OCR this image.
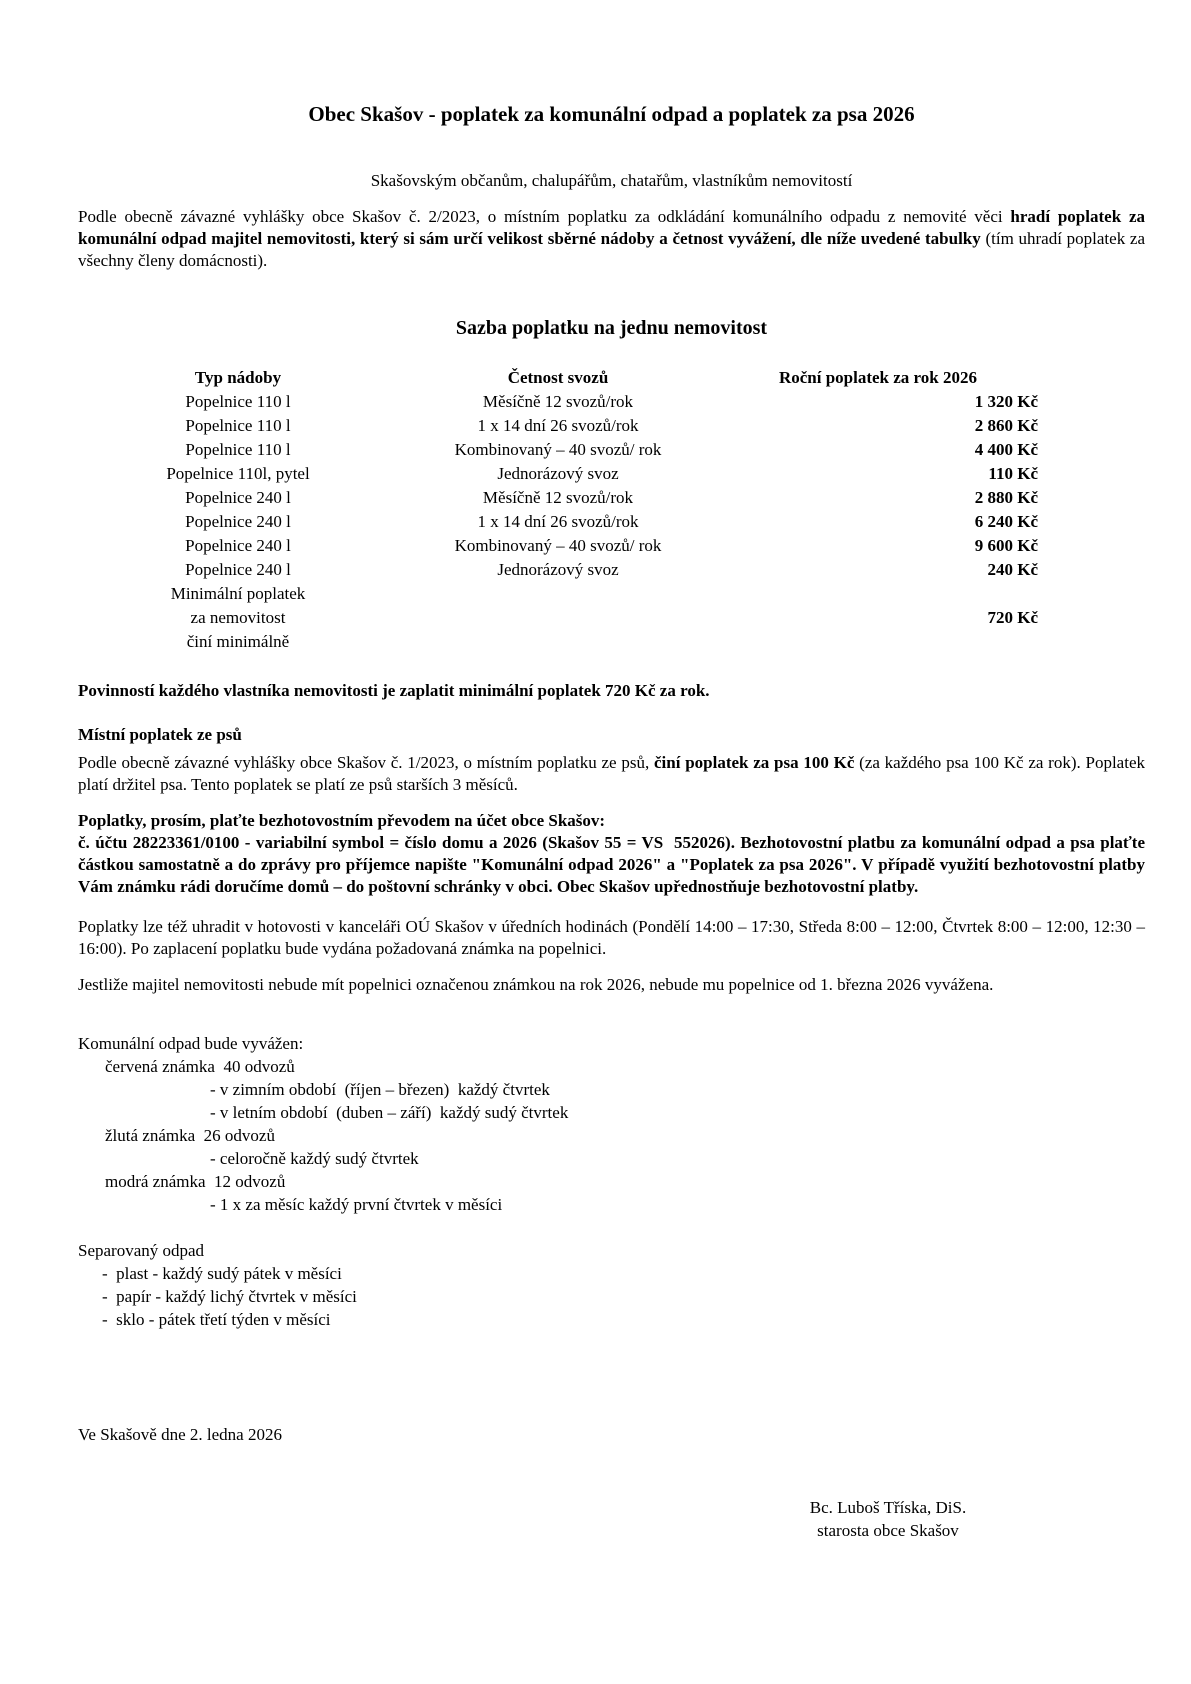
Obec Skašov - poplatek za komunální odpad a poplatek za psa 2026
Skašovským občanům, chalupářům, chatařům, vlastníkům nemovitostí

Podle obecně závazné vyhlášky obce Skašov č. 2/2023, o místním poplatku za odkládání komunálního odpadu z nemovité věci hradí poplatek za komunální odpad majitel nemovitosti, který si sám určí velikost sběrné nádoby a četnost vyvážení, dle níže uvedené tabulky (tím uhradí poplatek za všechny členy domácnosti).

Sazba poplatku na jednu nemovitost
Typ nádoby	Četnost svozů	Roční poplatek za rok 2026
Popelnice 110 l	Měsíčně 12 svozů/rok	1 320 Kč
Popelnice 110 l	1 x 14 dní 26 svozů/rok	2 860 Kč
Popelnice 110 l	Kombinovaný – 40 svozů/ rok	4 400 Kč
Popelnice 110l, pytel	Jednorázový svoz	110 Kč
Popelnice 240 l	Měsíčně 12 svozů/rok	2 880 Kč
Popelnice 240 l	1 x 14 dní 26 svozů/rok	6 240 Kč
Popelnice 240 l	Kombinovaný – 40 svozů/ rok	9 600 Kč
Popelnice 240 l	Jednorázový svoz	240 Kč
Minimální poplatek		
za nemovitost		720 Kč
činí minimálně		

Povinností každého vlastníka nemovitosti je zaplatit minimální poplatek 720 Kč za rok.

Místní poplatek ze psů

Podle obecně závazné vyhlášky obce Skašov č. 1/2023, o místním poplatku ze psů, činí poplatek za psa 100 Kč (za každého psa 100 Kč za rok). Poplatek platí držitel psa. Tento poplatek se platí ze psů starších 3 měsíců.

Poplatky, prosím, plaťte bezhotovostním převodem na účet obce Skašov:
č. účtu 28223361/0100 - variabilní symbol = číslo domu a 2026 (Skašov 55 = VS  552026). Bezhotovostní platbu za komunální odpad a psa plaťte částkou samostatně a do zprávy pro příjemce napište "Komunální odpad 2026" a "Poplatek za psa 2026". V případě využití bezhotovostní platby Vám známku rádi doručíme domů – do poštovní schránky v obci. Obec Skašov upřednostňuje bezhotovostní platby.

Poplatky lze též uhradit v hotovosti v kanceláři OÚ Skašov v úředních hodinách (Pondělí 14:00 – 17:30, Středa 8:00 – 12:00, Čtvrtek 8:00 – 12:00, 12:30 – 16:00). Po zaplacení poplatku bude vydána požadovaná známka na popelnici.

Jestliže majitel nemovitosti nebude mít popelnici označenou známkou na rok 2026, nebude mu popelnice od 1. března 2026 vyvážena.

Komunální odpad bude vyvážen:
červená známka  40 odvozů
- v zimním období  (říjen – březen)  každý čtvrtek
- v letním období  (duben – září)  každý sudý čtvrtek
žlutá známka  26 odvozů
- celoročně každý sudý čtvrtek
modrá známka  12 odvozů
- 1 x za měsíc každý první čtvrtek v měsíci
Separovaný odpad
-  plast - každý sudý pátek v měsíci
-  papír - každý lichý čtvrtek v měsíci
-  sklo - pátek třetí týden v měsíci

Ve Skašově dne 2. ledna 2026

Bc. Luboš Tříska, DiS.
starosta obce Skašov
